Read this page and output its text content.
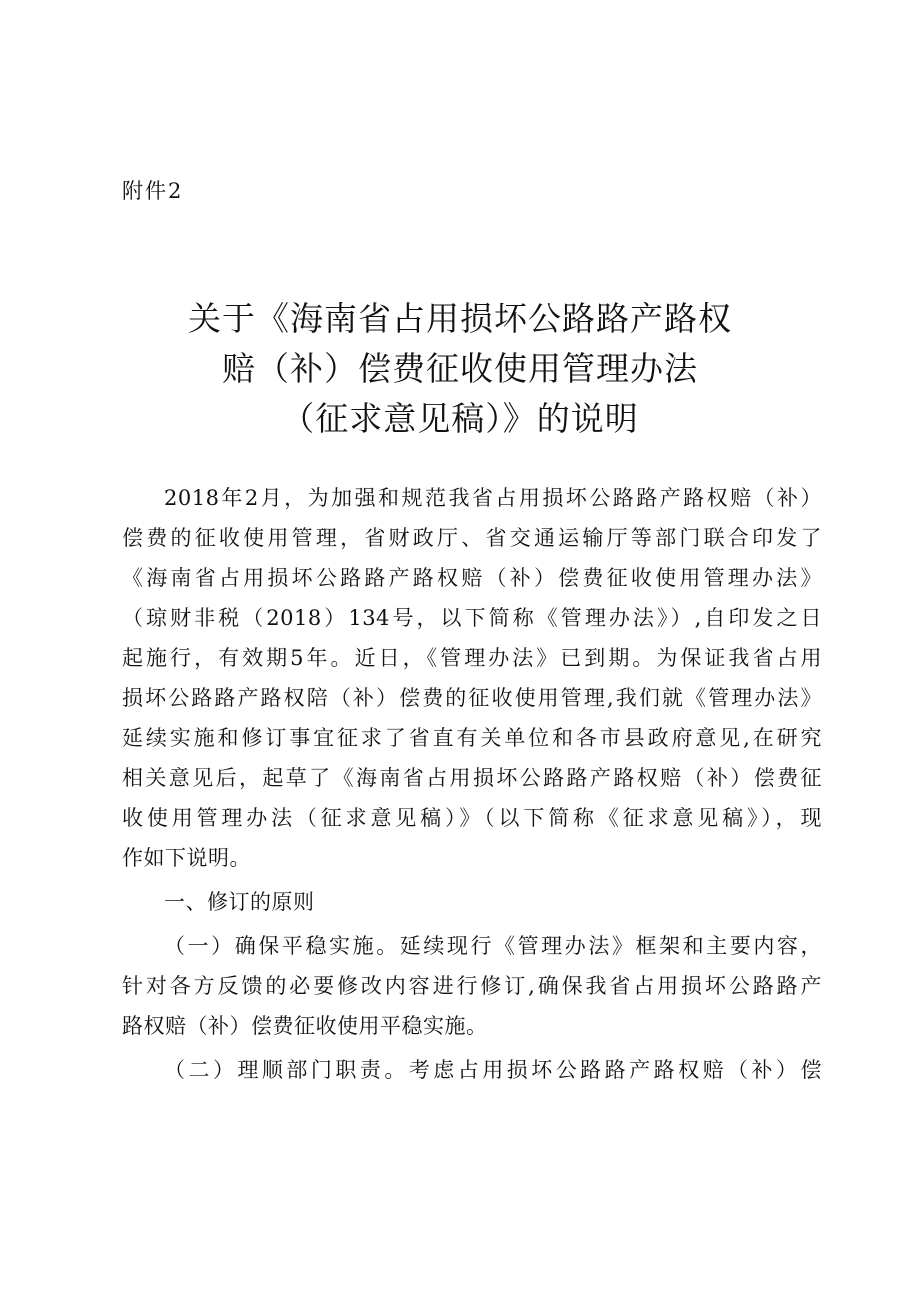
附件2

关于《海南省占用损坏公路路产路权
赔（补）偿费征收使用管理办法
（征求意见稿）》的说明
2018年2月，为加强和规范我省占用损坏公路路产路权赔（补）
偿费的征收使用管理，省财政厅、省交通运输厅等部门联合印发了
《海南省占用损坏公路路产路权赔（补）偿费征收使用管理办法》
（琼财非税（2018）134号，以下简称《管理办法》）,自印发之日
起施行，有效期5年。近日，《管理办法》已到期。为保证我省占用
损坏公路路产路权陪（补）偿费的征收使用管理,我们就《管理办法》
延续实施和修订事宜征求了省直有关单位和各市县政府意见,在研究
相关意见后，起草了《海南省占用损坏公路路产路权赔（补）偿费征
收使用管理办法（征求意见稿）》（以下简称《征求意见稿》），现
作如下说明。
一、修订的原则
（一）确保平稳实施。延续现行《管理办法》框架和主要内容，
针对各方反馈的必要修改内容进行修订,确保我省占用损坏公路路产
路权赔（补）偿费征收使用平稳实施。
（二）理顺部门职责。考虑占用损坏公路路产路权赔（补）偿
